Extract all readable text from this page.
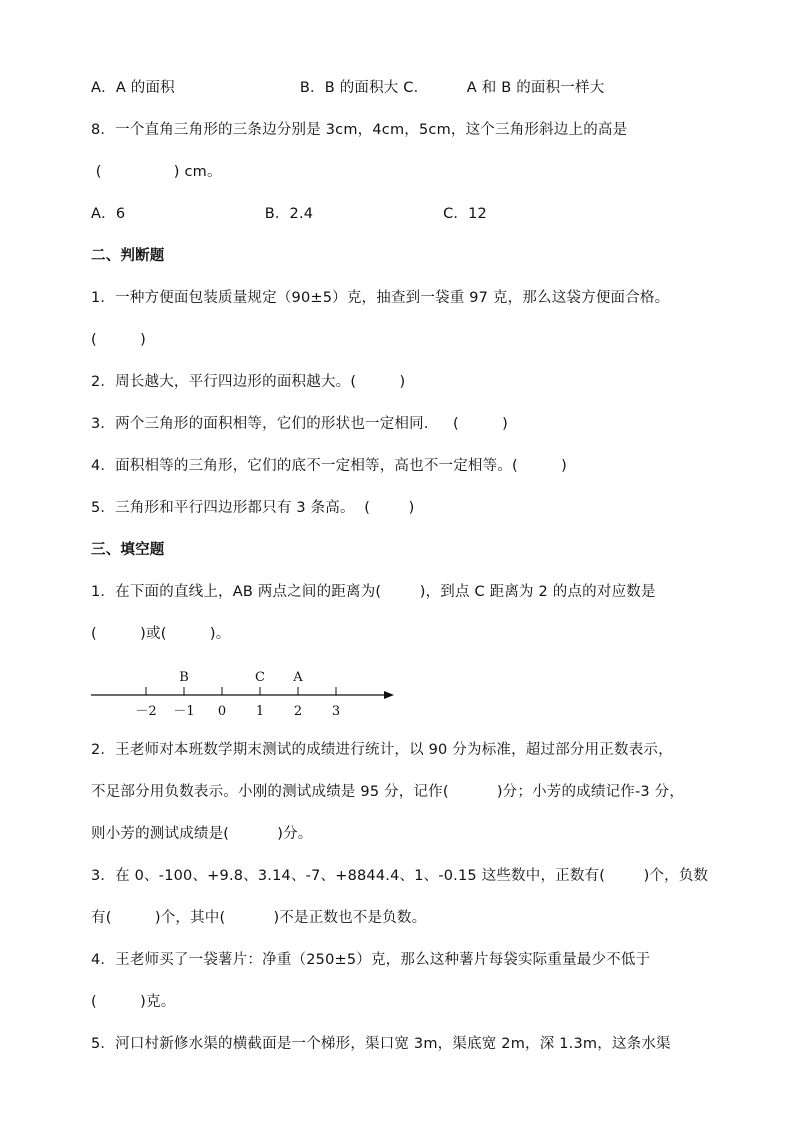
A．A 的面积                          B．B 的面积大 C．        A 和 B 的面积一样大
8．一个直角三角形的三条边分别是 3cm，4cm，5cm，这个三角形斜边上的高是
(               ) cm。
A．6                             B．2.4                           C．12
二、判断题
1．一种方便面包装质量规定（90±5）克，抽查到一袋重 97 克，那么这袋方便面合格。
(         )
2．周长越大，平行四边形的面积越大。(         )
3．两个三角形的面积相等，它们的形状也一定相同．   (         )
4．面积相等的三角形，它们的底不一定相等，高也不一定相等。(         )
5．三角形和平行四边形都只有 3 条高。  (        )
三、填空题
1．在下面的直线上，AB 两点之间的距离为(        )，到点 C 距离为 2 的点的对应数是
(         )或(         )。
－2 －1 0 1 2 3
B	C A
2．王老师对本班数学期末测试的成绩进行统计，以 90 分为标准，超过部分用正数表示，
不足部分用负数表示。小刚的测试成绩是 95 分，记作(          )分；小芳的成绩记作-3 分，
则小芳的测试成绩是(          )分。
3．在 0、-100、+9.8、3.14、-7、+8844.4、1、-0.15 这些数中，正数有(        )个，负数
有(         )个，其中(          )不是正数也不是负数。
4．王老师买了一袋薯片：净重（250±5）克，那么这种薯片每袋实际重量最少不低于
(         )克。
5．河口村新修水渠的横截面是一个梯形，渠口宽 3m，渠底宽 2m，深 1.3m，这条水渠
